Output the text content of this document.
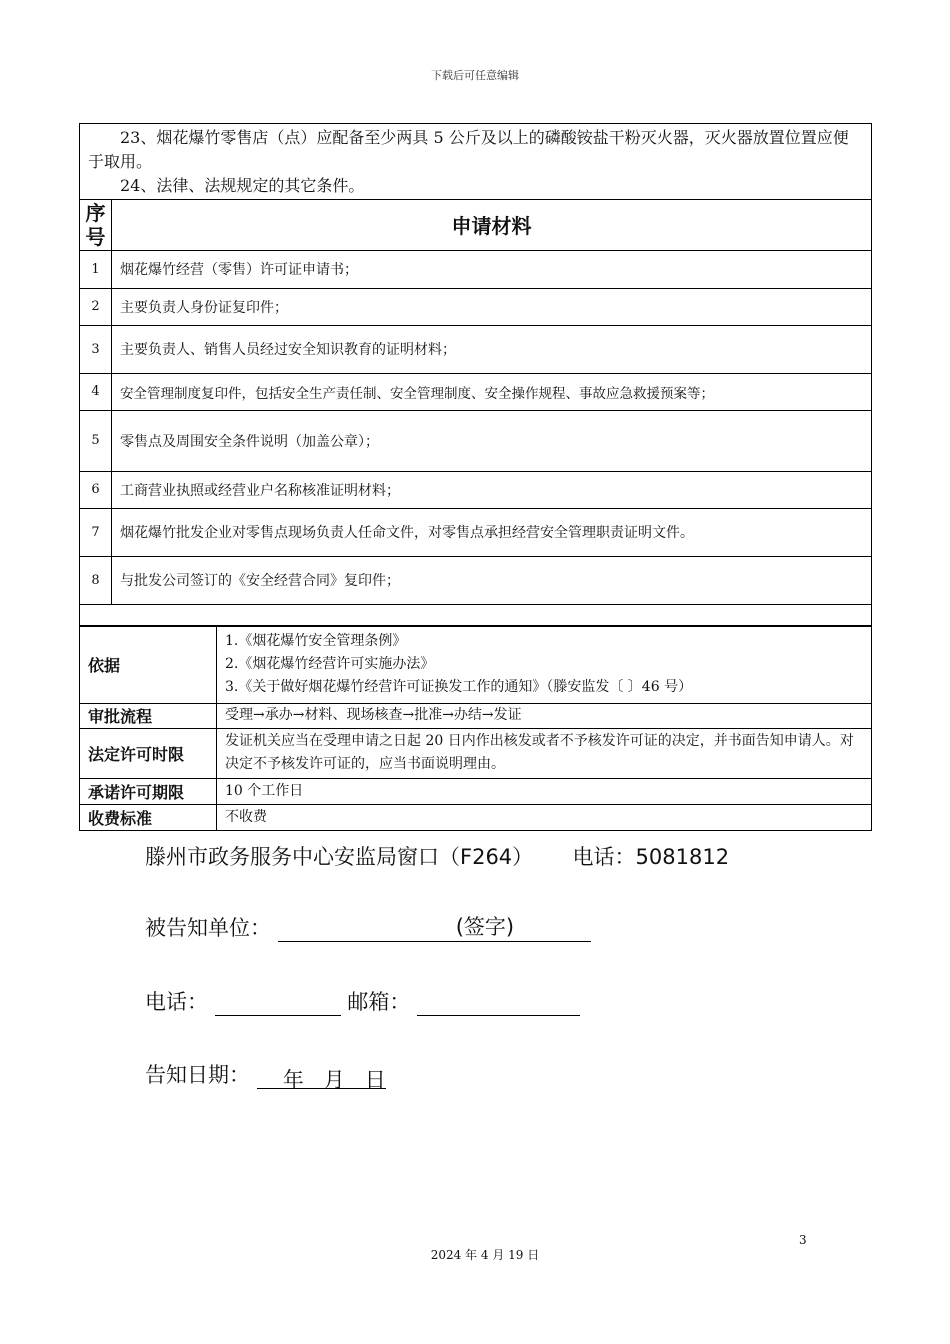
下载后可任意编辑

23、烟花爆竹零售店（点）应配备至少两具 5 公斤及以上的磷酸铵盐干粉灭火器，灭火器放置位置应便于取用。

24、法律、法规规定的其它条件。

序号	申请材料
1	烟花爆竹经营（零售）许可证申请书；
2	主要负责人身份证复印件；
3	主要负责人、销售人员经过安全知识教育的证明材料；
4	安全管理制度复印件，包括安全生产责任制、安全管理制度、安全操作规程、事故应急救援预案等；
5	零售点及周围安全条件说明（加盖公章）；
6	工商营业执照或经营业户名称核准证明材料；
7	烟花爆竹批发企业对零售点现场负责人任命文件，对零售点承担经营安全管理职责证明文件。
8	与批发公司签订的《安全经营合同》复印件；

依据	1.《烟花爆竹安全管理条例》
2.《烟花爆竹经营许可实施办法》
3.《关于做好烟花爆竹经营许可证换发工作的通知》（滕安监发〔 〕46 号）

审批流程	受理→承办→材料、现场核查→批准→办结→发证
法定许可时限	发证机关应当在受理申请之日起 20 日内作出核发或者不予核发许可证的决定，并书面告知申请人。对决定不予核发许可证的，应当书面说明理由。
承诺许可期限	10 个工作日
收费标准	不收费
滕州市政务服务中心安监局窗口（F264） 电话：5081812
被告知单位：	(签字)
电话：	邮箱：
告知日期： 年 月 日
3
2024 年 4 月 19 日
